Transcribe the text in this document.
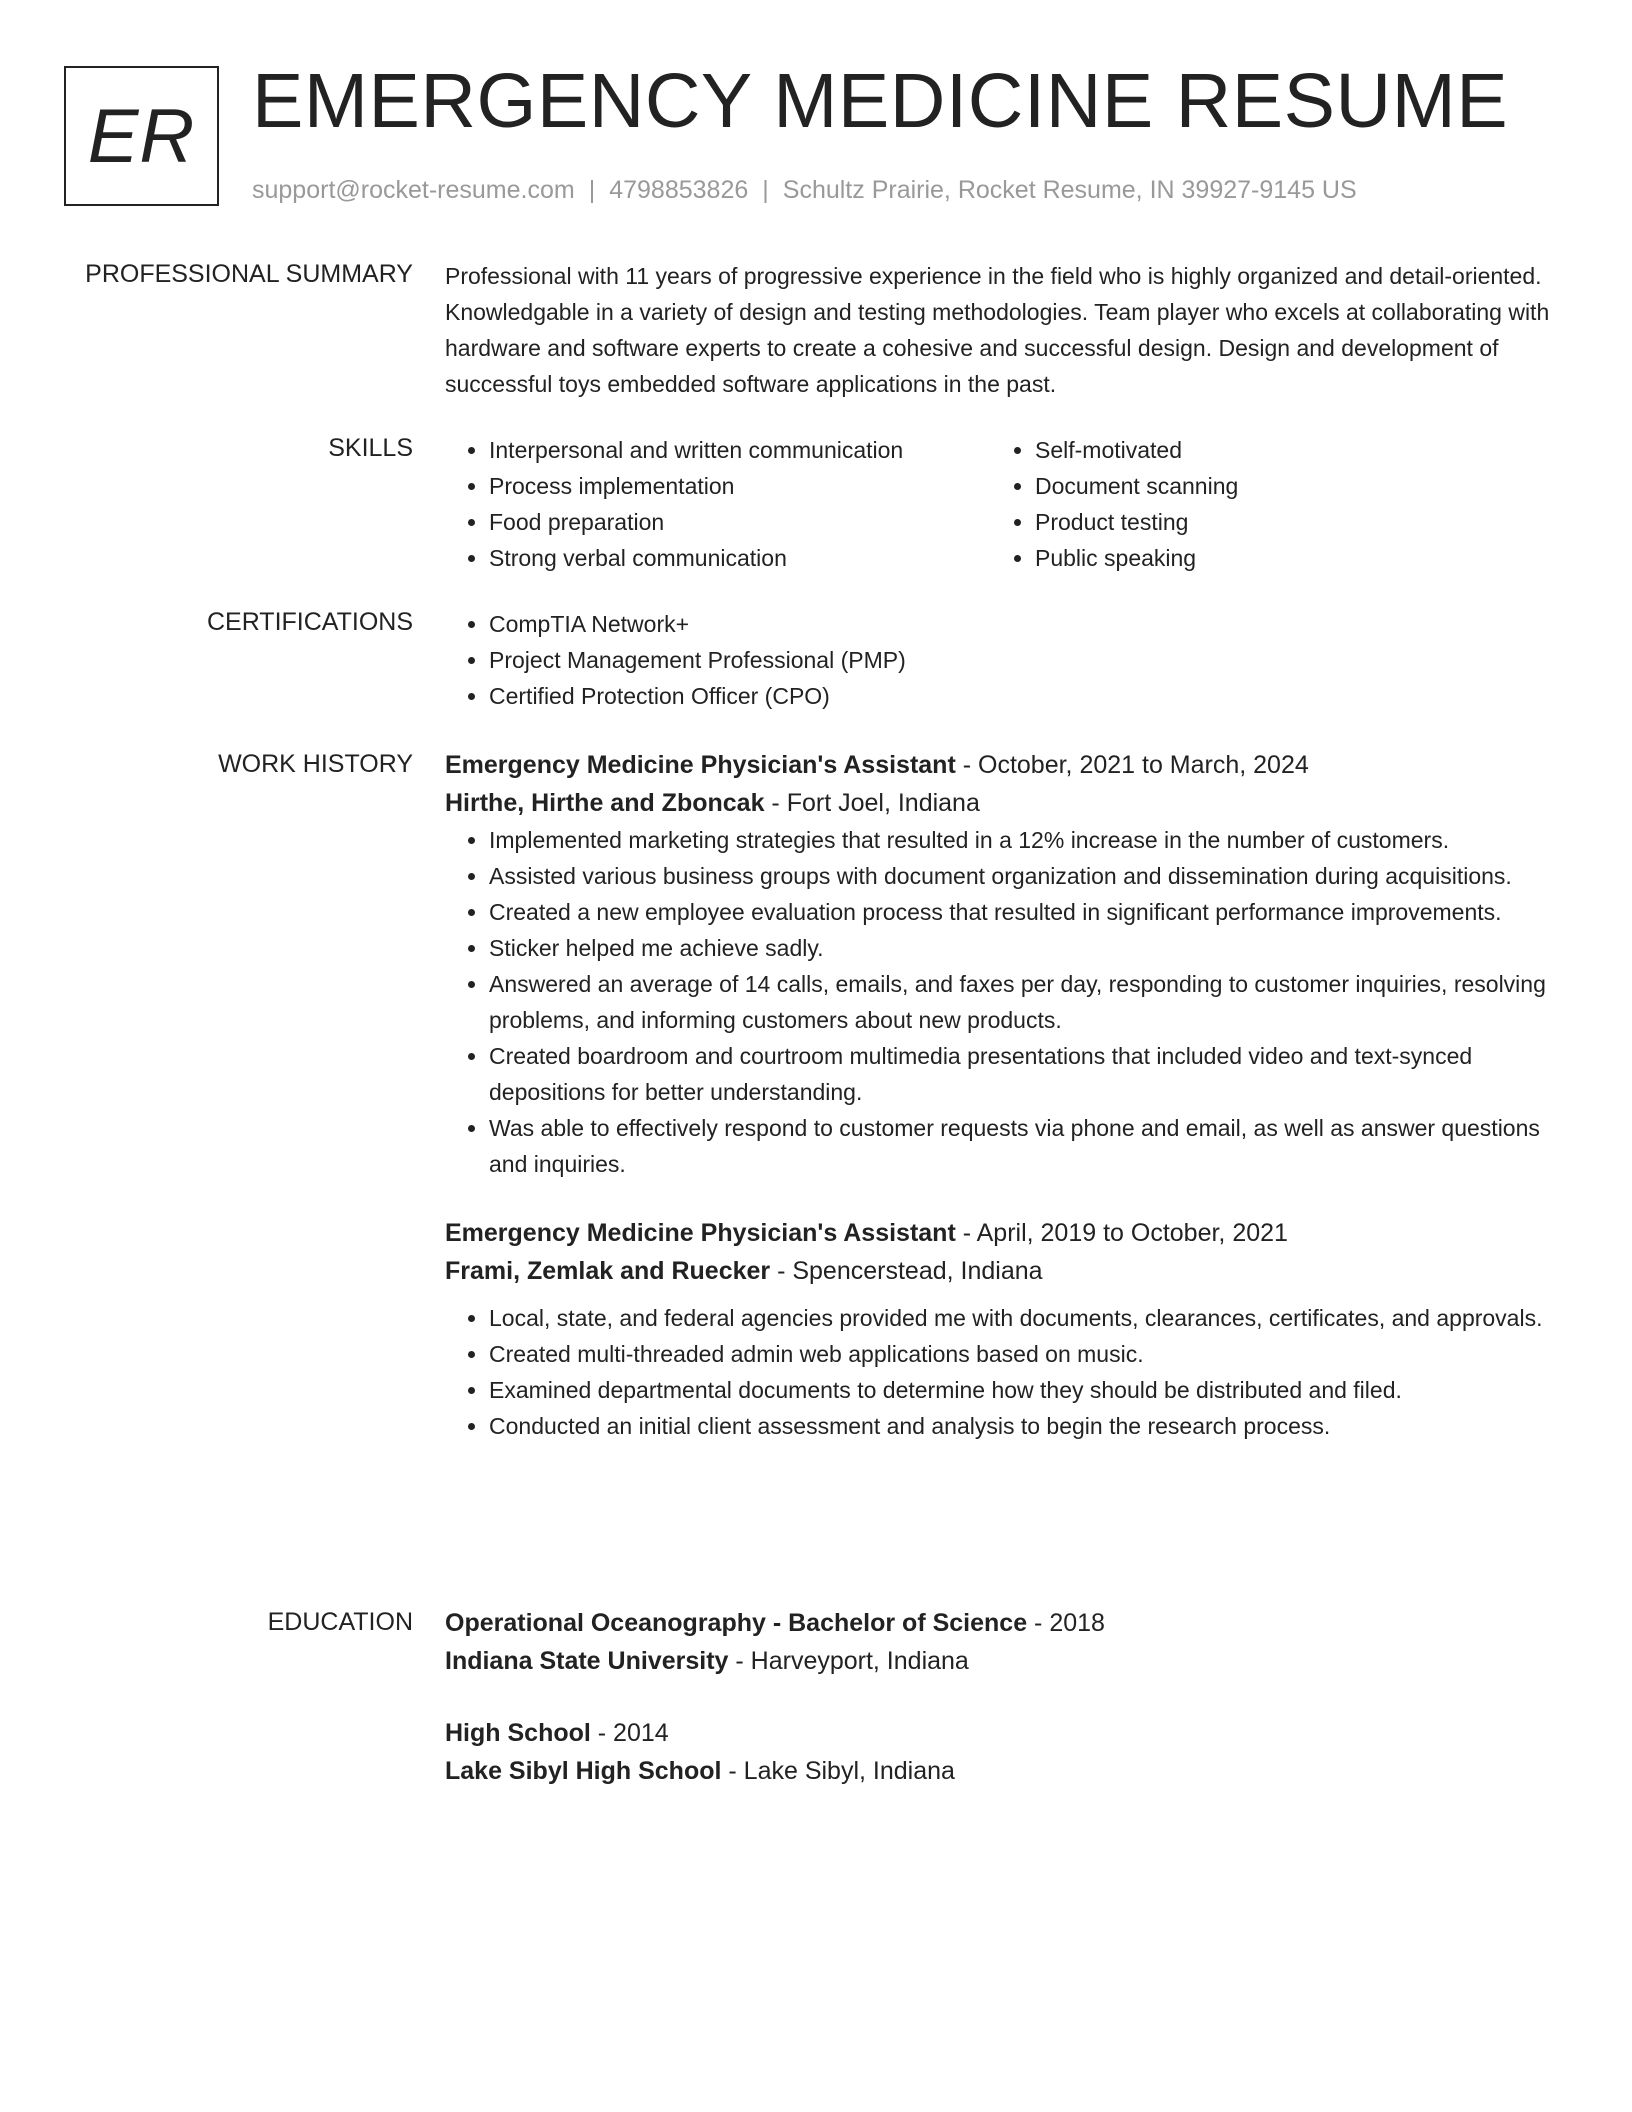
ER EMERGENCY MEDICINE RESUME
support@rocket-resume.com | 4798853826 | Schultz Prairie, Rocket Resume, IN 39927-9145 US
PROFESSIONAL SUMMARY Professional with 11 years of progressive experience in the field who is highly organized and detail-oriented. Knowledgable in a variety of design and testing methodologies. Team player who excels at collaborating with hardware and software experts to create a cohesive and successful design. Design and development of successful toys embedded software applications in the past.

SKILLS	• Interpersonal and written communication
• Process implementation
• Food preparation
• Strong verbal communication
• Self-motivated
• Document scanning
• Product testing
• Public speaking
CERTIFICATIONS	• CompTIA Network+
• Project Management Professional (PMP)
• Certified Protection Officer (CPO)
WORK HISTORY Emergency Medicine Physician's Assistant - October, 2021 to March, 2024
Hirthe, Hirthe and Zboncak - Fort Joel, Indiana
• Implemented marketing strategies that resulted in a 12% increase in the number of customers.
• Assisted various business groups with document organization and dissemination during acquisitions.
• Created a new employee evaluation process that resulted in significant performance improvements.
• Sticker helped me achieve sadly.
• Answered an average of 14 calls, emails, and faxes per day, responding to customer inquiries, resolving problems, and informing customers about new products.
• Created boardroom and courtroom multimedia presentations that included video and text-synced depositions for better understanding.
• Was able to effectively respond to customer requests via phone and email, as well as answer questions and inquiries.
Emergency Medicine Physician's Assistant - April, 2019 to October, 2021
Frami, Zemlak and Ruecker - Spencerstead, Indiana
• Local, state, and federal agencies provided me with documents, clearances, certificates, and approvals.
• Created multi-threaded admin web applications based on music.
• Examined departmental documents to determine how they should be distributed and filed.
• Conducted an initial client assessment and analysis to begin the research process.
EDUCATION Operational Oceanography - Bachelor of Science - 2018
Indiana State University - Harveyport, Indiana
High School - 2014
Lake Sibyl High School - Lake Sibyl, Indiana
